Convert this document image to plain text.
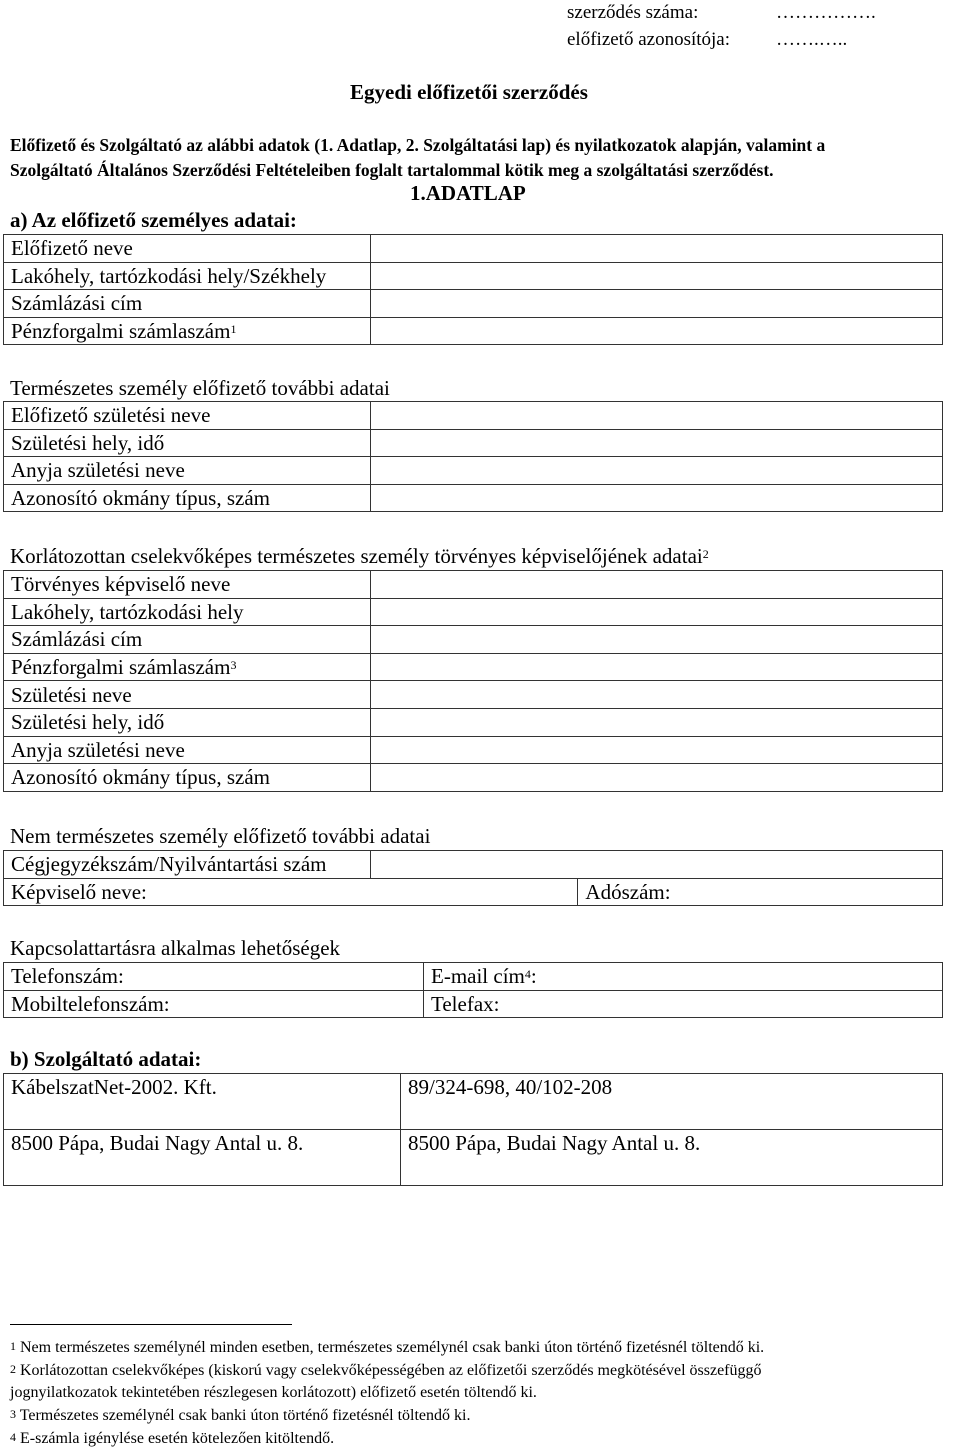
szerződés száma:	…………….
előfizető azonosítója: …….…..
Egyedi előfizetői szerződés
Előfizető és Szolgáltató az alábbi adatok (1. Adatlap, 2. Szolgáltatási lap) és nyilatkozatok alapján, valamint a
Szolgáltató Általános Szerződési Feltételeiben foglalt tartalommal kötik meg a szolgáltatási szerződést.
1.ADATLAP
a) Az előfizető személyes adatai:
Előfizető neve	
Lakóhely, tartózkodási hely/Székhely	
Számlázási cím	
Pénzforgalmi számlaszám$^1$	
Természetes személy előfizető további adatai
Előfizető születési neve	
Születési hely, idő	
Anyja születési neve	
Azonosító okmány típus, szám	
Korlátozottan cselekvőképes természetes személy törvényes képviselőjének adatai$^2$
Törvényes képviselő neve	
Lakóhely, tartózkodási hely	
Számlázási cím	
Pénzforgalmi számlaszám$^3$	
Születési neve	
Születési hely, idő	
Anyja születési neve	
Azonosító okmány típus, szám	
Nem természetes személy előfizető további adatai
Cégjegyzékszám/Nyilvántartási szám		
Képviselő neve:		Adószám:
Kapcsolattartásra alkalmas lehetőségek
Telefonszám:	E-mail cím$^4$:
Mobiltelefonszám:	Telefax:
b) Szolgáltató adatai:
KábelszatNet-2002. Kft.	89/324-698, 40/102-208
8500 Pápa, Budai Nagy Antal u. 8.	8500 Pápa, Budai Nagy Antal u. 8.
$^1$ Nem természetes személynél minden esetben, természetes személynél csak banki úton történő fizetésnél töltendő ki.
$^2$ Korlátozottan cselekvőképes (kiskorú vagy cselekvőképességében az előfizetői szerződés megkötésével összefüggő
jognyilatkozatok tekintetében részlegesen korlátozott) előfizető esetén töltendő ki.
$^3$ Természetes személynél csak banki úton történő fizetésnél töltendő ki.
$^4$ E-számla igénylése esetén kötelezően kitöltendő.
